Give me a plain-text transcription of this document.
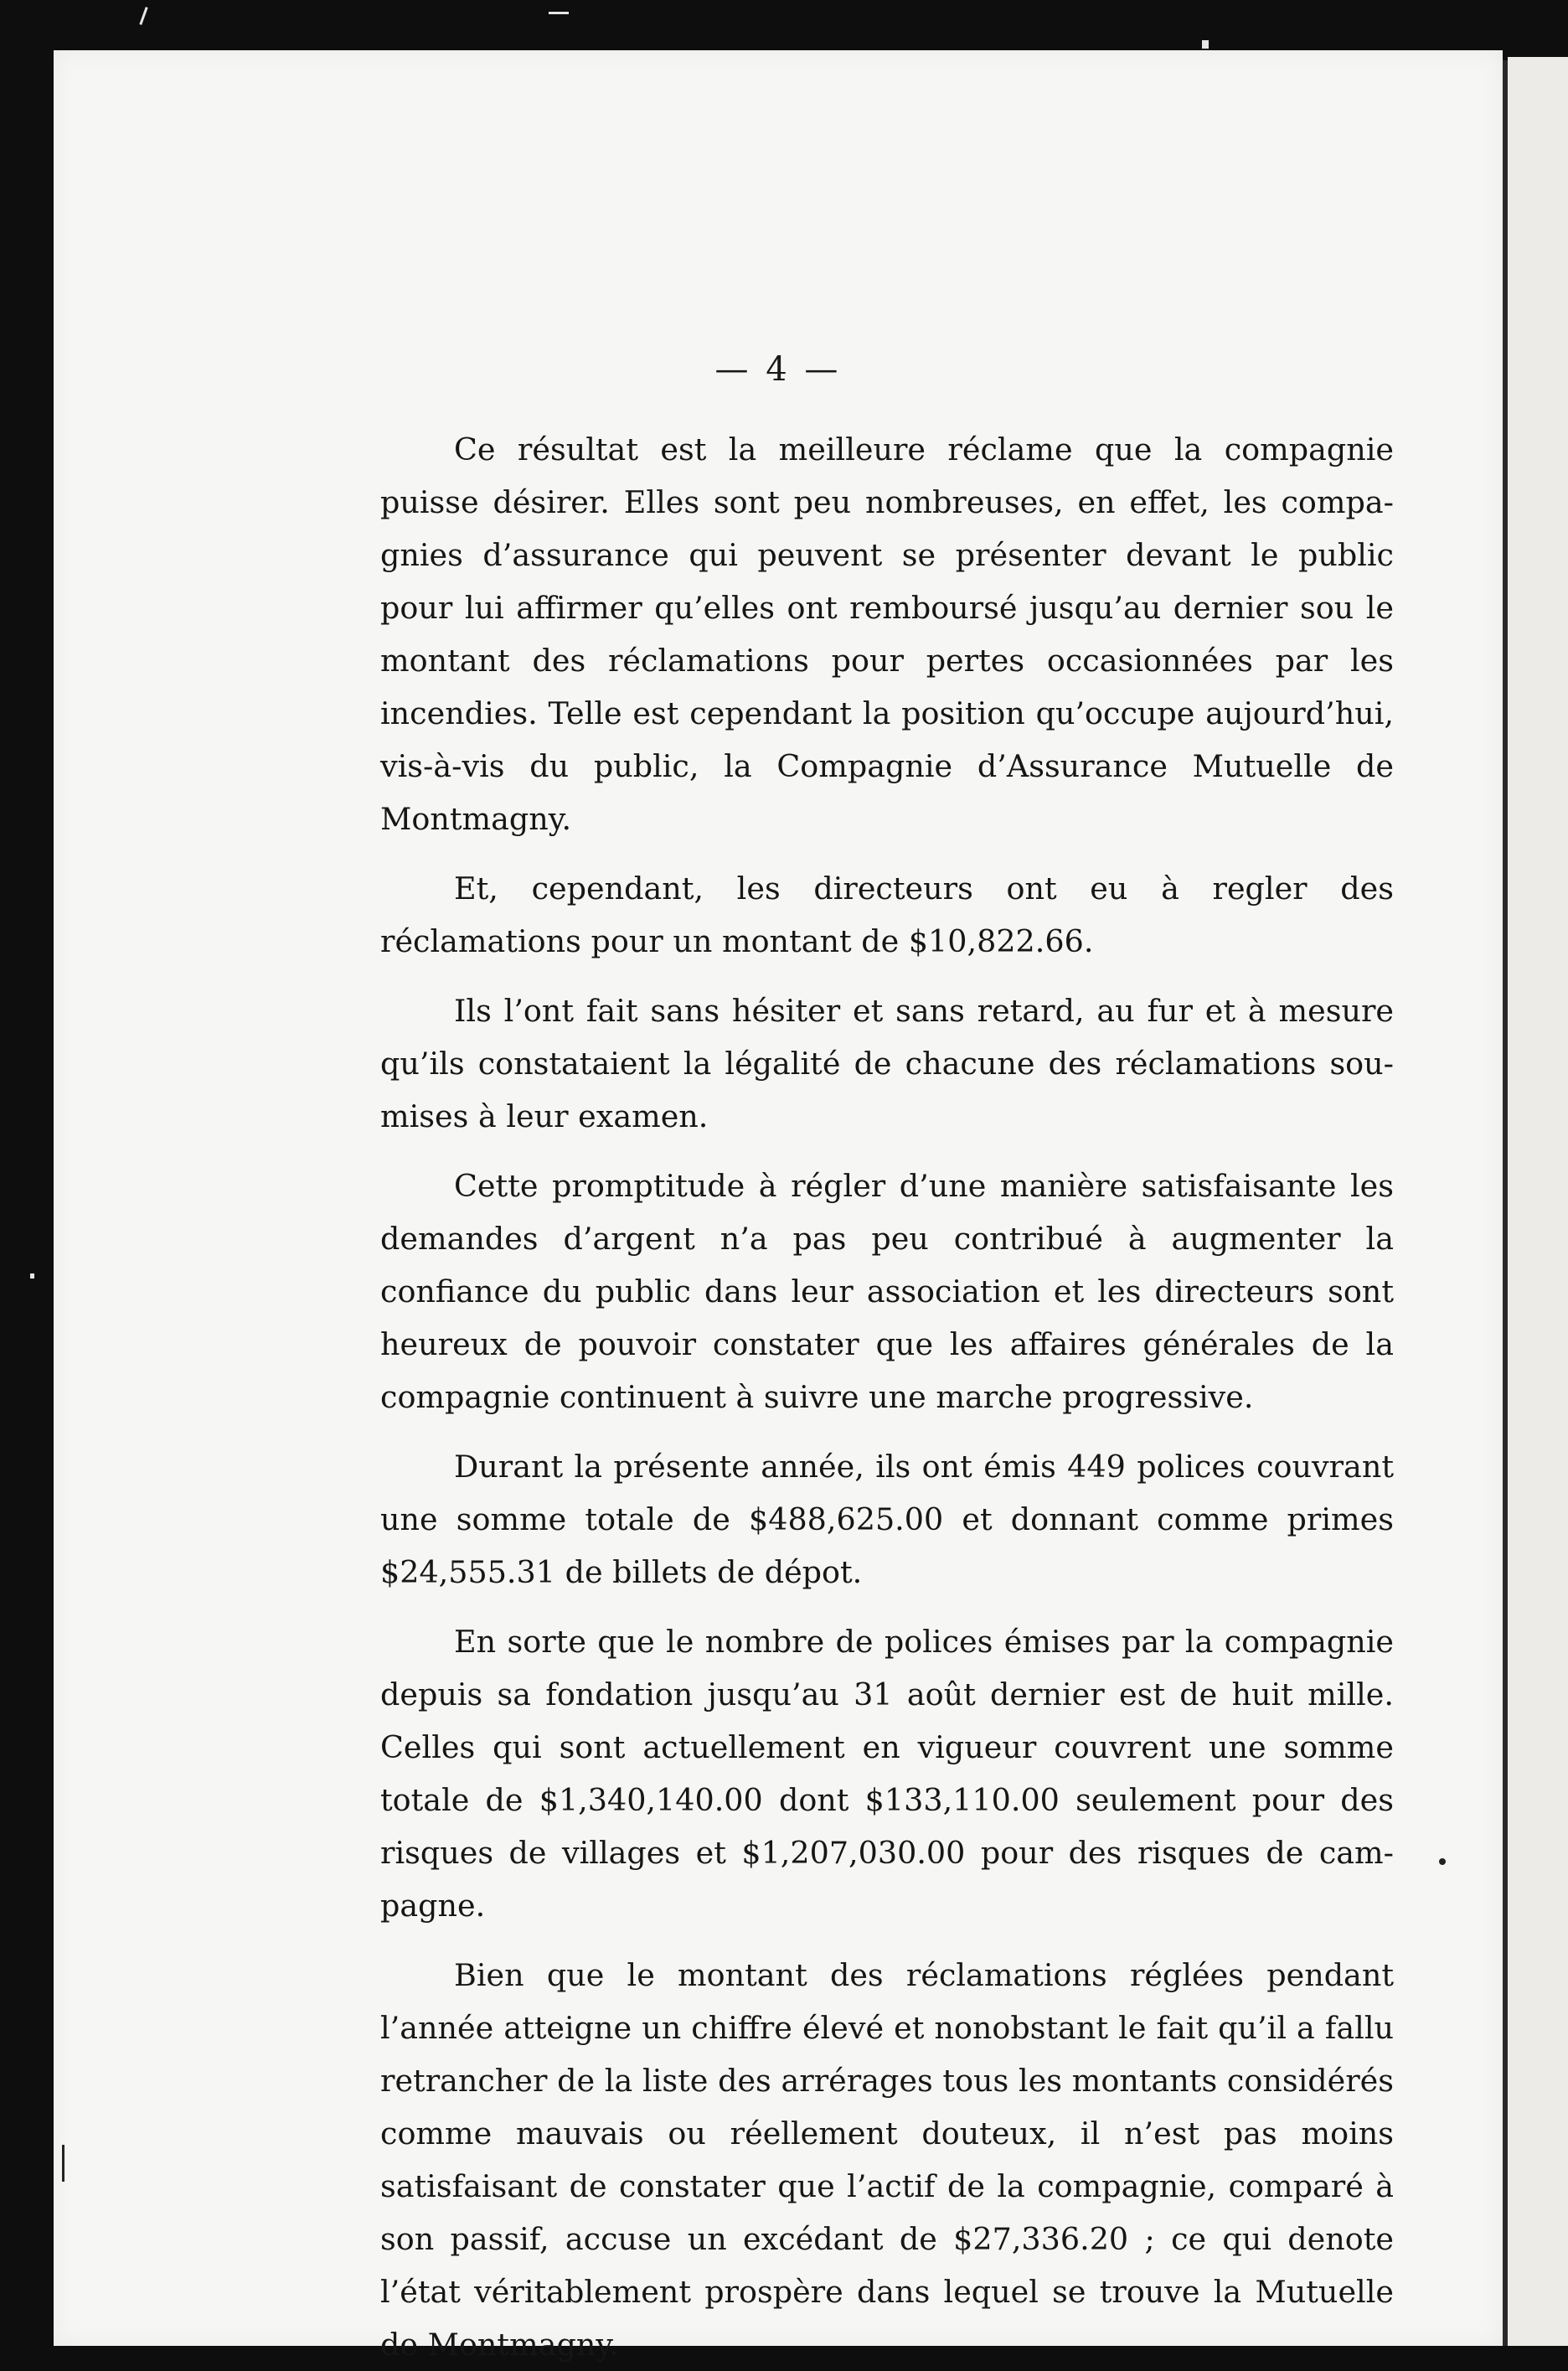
— 4 —

Ce résultat est la meilleure réclame que la compagnie puisse désirer. Elles sont peu nombreuses, en effet, les compagnies d’assurance qui peuvent se présenter devant le public pour lui affirmer qu’elles ont remboursé jusqu’au dernier sou le montant des réclamations pour pertes occasionnées par les incendies. Telle est cependant la position qu’occupe aujourd’hui, vis-à-vis du public, la Compagnie d’Assurance Mutuelle de Montmagny.

Et, cependant, les directeurs ont eu à regler des réclamations pour un montant de $10,822.66.

Ils l’ont fait sans hésiter et sans retard, au fur et à mesure qu’ils constataient la légalité de chacune des réclamations soumises à leur examen.

Cette promptitude à régler d’une manière satisfaisante les demandes d’argent n’a pas peu contribué à augmenter la confiance du public dans leur association et les directeurs sont heureux de pouvoir constater que les affaires générales de la compagnie continuent à suivre une marche progressive.

Durant la présente année, ils ont émis 449 polices couvrant une somme totale de $488,625.00 et donnant comme primes $24,555.31 de billets de dépot.

En sorte que le nombre de polices émises par la compagnie depuis sa fondation jusqu’au 31 août dernier est de huit mille. Celles qui sont actuellement en vigueur couvrent une somme totale de $1,340,140.00 dont $133,110.00 seulement pour des risques de villages et $1,207,030.00 pour des risques de campagne.

Bien que le montant des réclamations réglées pendant l’année atteigne un chiffre élevé et nonobstant le fait qu’il a fallu retrancher de la liste des arrérages tous les montants considérés comme mauvais ou réellement douteux, il n’est pas moins satisfaisant de constater que l’actif de la compagnie, comparé à son passif, accuse un excédant de $27,336.20 ; ce qui denote l’état véritablement prospère dans lequel se trouve la Mutuelle de Montmagny.
